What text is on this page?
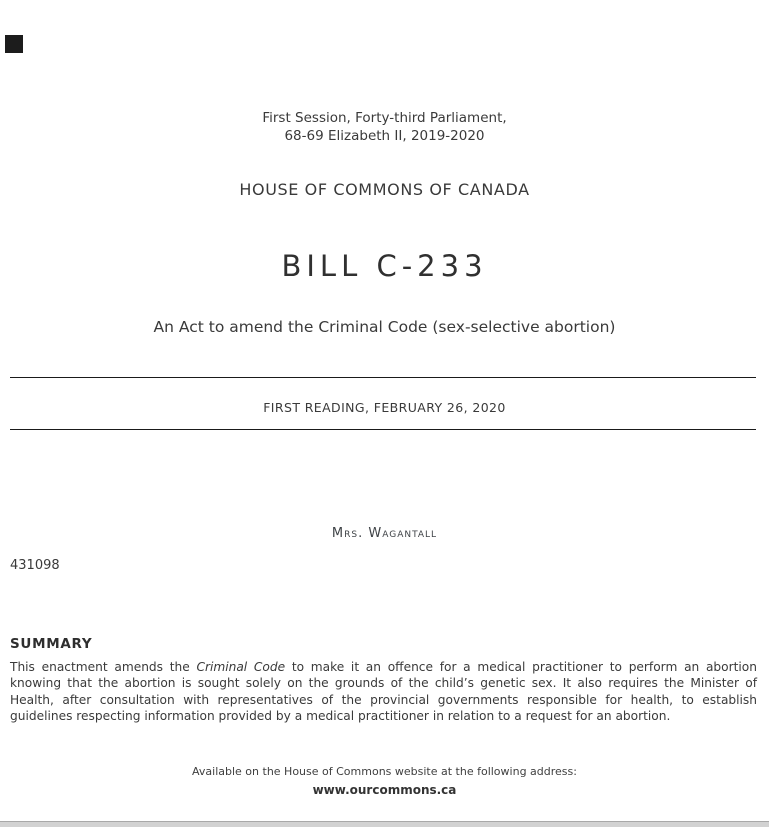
First Session, Forty-third Parliament,
68-69 Elizabeth II, 2019-2020
HOUSE OF COMMONS OF CANADA
BILL C-233
An Act to amend the Criminal Code (sex-selective abortion)
FIRST READING, FEBRUARY 26, 2020
Mrs. Wagantall
431098
SUMMARY
This enactment amends the Criminal Code to make it an offence for a medical practitioner to perform an abortion knowing that the abortion is sought solely on the grounds of the child’s genetic sex. It also requires the Minister of Health, after consultation with representatives of the provincial governments responsible for health, to establish guidelines respecting information provided by a medical practitioner in relation to a request for an abortion.
Available on the House of Commons website at the following address:
www.ourcommons.ca
